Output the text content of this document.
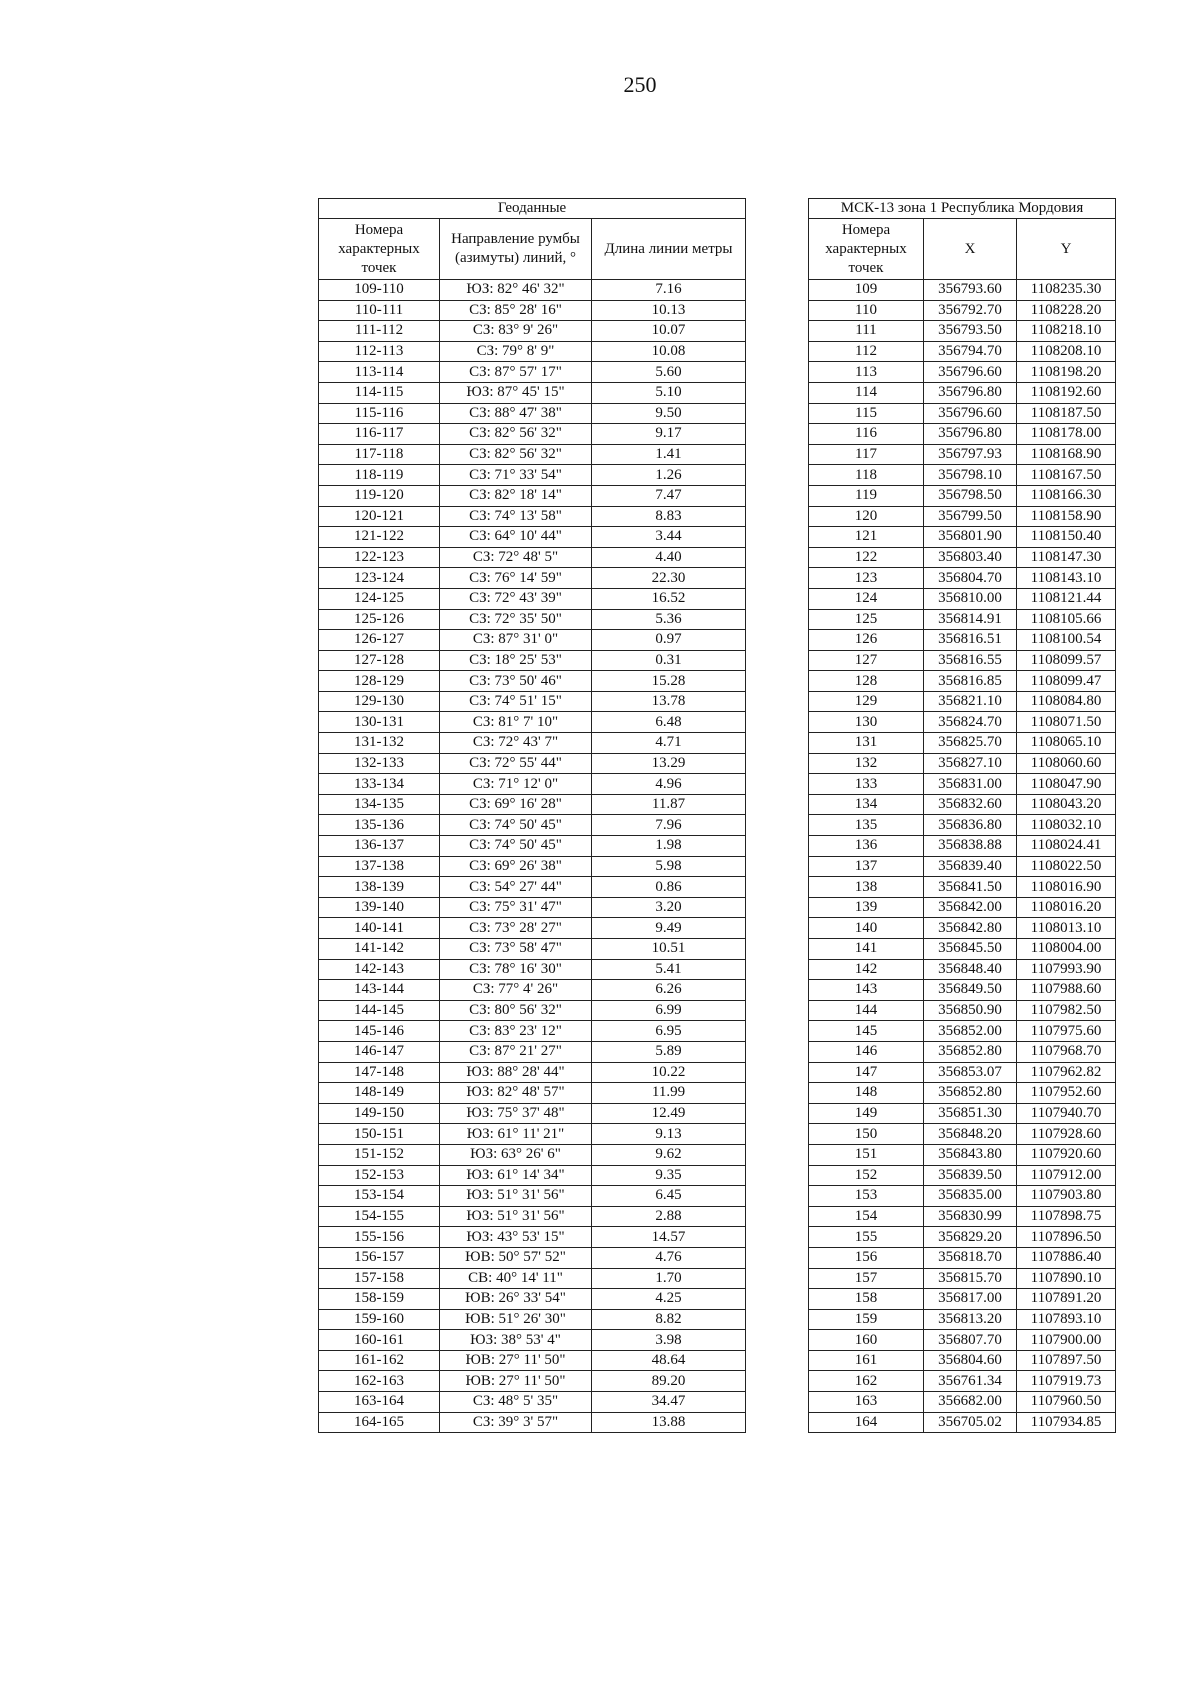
250
Геоданные		
Номера характерных точек	Направление румбы (азимуты) линий, °	Длина линии метры
109-110	ЮЗ: 82° 46' 32"	7.16
110-111	СЗ: 85° 28' 16"	10.13
111-112	СЗ: 83° 9' 26"	10.07
112-113	СЗ: 79° 8' 9"	10.08
113-114	СЗ: 87° 57' 17"	5.60
114-115	ЮЗ: 87° 45' 15"	5.10
115-116	СЗ: 88° 47' 38"	9.50
116-117	СЗ: 82° 56' 32"	9.17
117-118	СЗ: 82° 56' 32"	1.41
118-119	СЗ: 71° 33' 54"	1.26
119-120	СЗ: 82° 18' 14"	7.47
120-121	СЗ: 74° 13' 58"	8.83
121-122	СЗ: 64° 10' 44"	3.44
122-123	СЗ: 72° 48' 5"	4.40
123-124	СЗ: 76° 14' 59"	22.30
124-125	СЗ: 72° 43' 39"	16.52
125-126	СЗ: 72° 35' 50"	5.36
126-127	СЗ: 87° 31' 0"	0.97
127-128	СЗ: 18° 25' 53"	0.31
128-129	СЗ: 73° 50' 46"	15.28
129-130	СЗ: 74° 51' 15"	13.78
130-131	СЗ: 81° 7' 10"	6.48
131-132	СЗ: 72° 43' 7"	4.71
132-133	СЗ: 72° 55' 44"	13.29
133-134	СЗ: 71° 12' 0"	4.96
134-135	СЗ: 69° 16' 28"	11.87
135-136	СЗ: 74° 50' 45"	7.96
136-137	СЗ: 74° 50' 45"	1.98
137-138	СЗ: 69° 26' 38"	5.98
138-139	СЗ: 54° 27' 44"	0.86
139-140	СЗ: 75° 31' 47"	3.20
140-141	СЗ: 73° 28' 27"	9.49
141-142	СЗ: 73° 58' 47"	10.51
142-143	СЗ: 78° 16' 30"	5.41
143-144	СЗ: 77° 4' 26"	6.26
144-145	СЗ: 80° 56' 32"	6.99
145-146	СЗ: 83° 23' 12"	6.95
146-147	СЗ: 87° 21' 27"	5.89
147-148	ЮЗ: 88° 28' 44"	10.22
148-149	ЮЗ: 82° 48' 57"	11.99
149-150	ЮЗ: 75° 37' 48"	12.49
150-151	ЮЗ: 61° 11' 21"	9.13
151-152	ЮЗ: 63° 26' 6"	9.62
152-153	ЮЗ: 61° 14' 34"	9.35
153-154	ЮЗ: 51° 31' 56"	6.45
154-155	ЮЗ: 51° 31' 56"	2.88
155-156	ЮЗ: 43° 53' 15"	14.57
156-157	ЮВ: 50° 57' 52"	4.76
157-158	СВ: 40° 14' 11"	1.70
158-159	ЮВ: 26° 33' 54"	4.25
159-160	ЮВ: 51° 26' 30"	8.82
160-161	ЮЗ: 38° 53' 4"	3.98
161-162	ЮВ: 27° 11' 50"	48.64
162-163	ЮВ: 27° 11' 50"	89.20
163-164	СЗ: 48° 5' 35"	34.47
164-165	СЗ: 39° 3' 57"	13.88
МСК-13 зона 1 Республика Мордовия		
Номера характерных точек	X	Y
109	356793.60	1108235.30
110	356792.70	1108228.20
111	356793.50	1108218.10
112	356794.70	1108208.10
113	356796.60	1108198.20
114	356796.80	1108192.60
115	356796.60	1108187.50
116	356796.80	1108178.00
117	356797.93	1108168.90
118	356798.10	1108167.50
119	356798.50	1108166.30
120	356799.50	1108158.90
121	356801.90	1108150.40
122	356803.40	1108147.30
123	356804.70	1108143.10
124	356810.00	1108121.44
125	356814.91	1108105.66
126	356816.51	1108100.54
127	356816.55	1108099.57
128	356816.85	1108099.47
129	356821.10	1108084.80
130	356824.70	1108071.50
131	356825.70	1108065.10
132	356827.10	1108060.60
133	356831.00	1108047.90
134	356832.60	1108043.20
135	356836.80	1108032.10
136	356838.88	1108024.41
137	356839.40	1108022.50
138	356841.50	1108016.90
139	356842.00	1108016.20
140	356842.80	1108013.10
141	356845.50	1108004.00
142	356848.40	1107993.90
143	356849.50	1107988.60
144	356850.90	1107982.50
145	356852.00	1107975.60
146	356852.80	1107968.70
147	356853.07	1107962.82
148	356852.80	1107952.60
149	356851.30	1107940.70
150	356848.20	1107928.60
151	356843.80	1107920.60
152	356839.50	1107912.00
153	356835.00	1107903.80
154	356830.99	1107898.75
155	356829.20	1107896.50
156	356818.70	1107886.40
157	356815.70	1107890.10
158	356817.00	1107891.20
159	356813.20	1107893.10
160	356807.70	1107900.00
161	356804.60	1107897.50
162	356761.34	1107919.73
163	356682.00	1107960.50
164	356705.02	1107934.85
